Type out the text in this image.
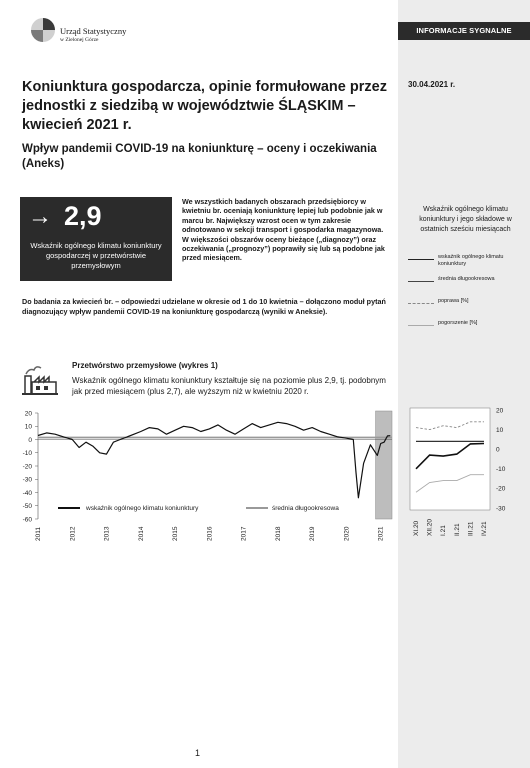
INFORMACJE SYGNALNE
30.04.2021 r.
Urząd Statystyczny
w Zielonej Górze
Koniunktura gospodarcza, opinie formułowane przez jednostki z siedzibą w województwie ŚLĄSKIM – kwiecień 2021 r.
Wpływ pandemii COVID-19 na koniunkturę – oceny i oczekiwania (Aneks)
→ 2,9
Wskaźnik ogólnego klimatu koniunktury gospodarczej w przetwórstwie przemysłowym

We wszystkich badanych obszarach przedsiębiorcy w kwietniu br. oceniają koniunkturę lepiej lub podobnie jak w marcu br. Największy wzrost ocen w tym zakresie odnotowano w sekcji transport i gospodarka magazynowa. W większości obszarów oceny bieżące („diagnozy”) oraz oczekiwania („prognozy”) poprawiły się lub są podobne jak przed miesiącem.

Do badania za kwiecień br. – odpowiedzi udzielane w okresie od 1 do 10 kwietnia – dołączono moduł pytań diagnozujący wpływ pandemii COVID-19 na koniunkturę gospodarczą (wyniki w Aneksie).

Przetwórstwo przemysłowe (wykres 1)

Wskaźnik ogólnego klimatu koniunktury kształtuje się na poziomie plus 2,9, tj. podobnym jak przed miesiącem (plus 2,7), ale wyższym niż w kwietniu 2020 r.

20
10
0
-10
-20
-30
-40
-50
-60
2011	2012	2013	2014	2015	2016	2017	2018	2019	2020	2021
wskaźnik ogólnego klimatu koniunktury	średnia długookresowa
Wskaźnik ogólnego klimatu koniunktury i jego składowe w ostatnich sześciu miesiącach
wskaźnik ogólnego klimatu koniunktury
średnia długookresowa
poprawa [%]
pogorszenie [%]
20
10
0
-10
-20
-30
XI.20 XII.20 I.21 II.21 III.21 IV.21
1
